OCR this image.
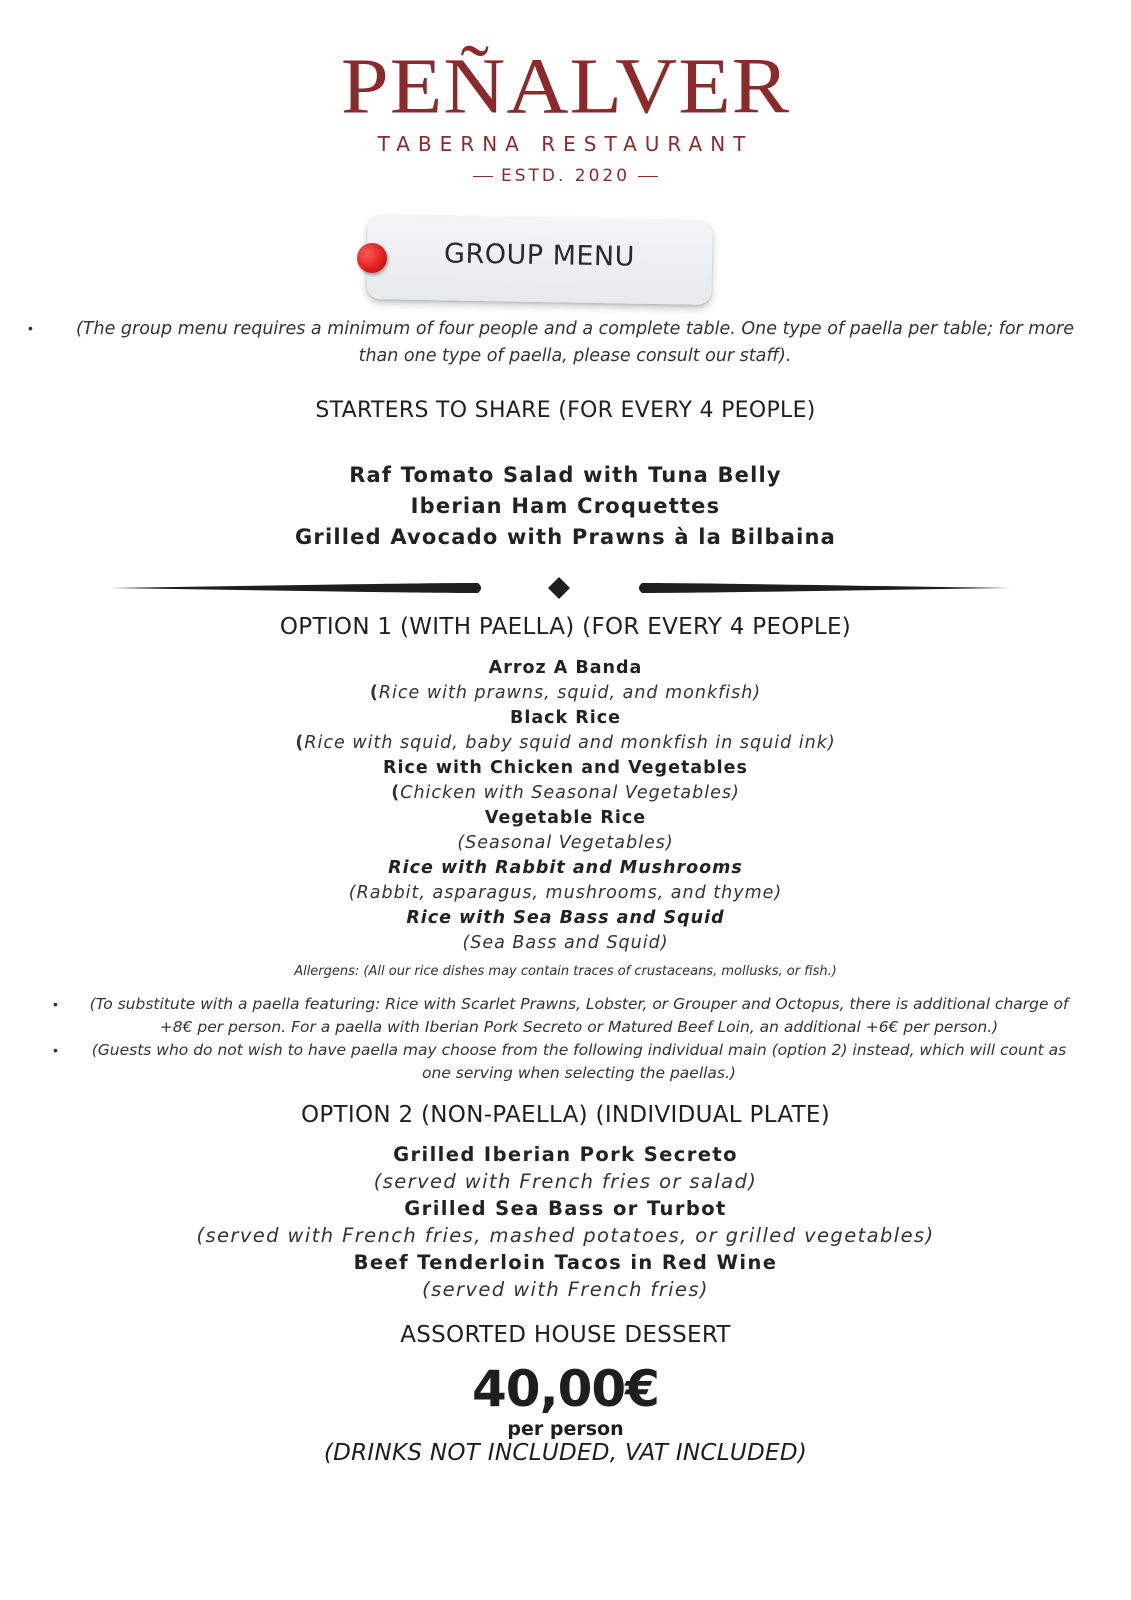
PEÑALVER
TABERNA RESTAURANT
ESTD. 2020
GROUP MENU
•	(The group menu requires a minimum of four people and a complete table. One type of paella per table; for more than one type of paella, please consult our staff).
STARTERS TO SHARE (FOR EVERY 4 PEOPLE)
Raf Tomato Salad with Tuna Belly
Iberian Ham Croquettes
Grilled Avocado with Prawns à la Bilbaina
OPTION 1 (WITH PAELLA) (FOR EVERY 4 PEOPLE)
Arroz A Banda
(Rice with prawns, squid, and monkfish)
Black Rice
(Rice with squid, baby squid and monkfish in squid ink)
Rice with Chicken and Vegetables
(Chicken with Seasonal Vegetables)
Vegetable Rice
(Seasonal Vegetables)
Rice with Rabbit and Mushrooms
(Rabbit, asparagus, mushrooms, and thyme)
Rice with Sea Bass and Squid
(Sea Bass and Squid)
Allergens: (All our rice dishes may contain traces of crustaceans, mollusks, or fish.)
•	(To substitute with a paella featuring: Rice with Scarlet Prawns, Lobster, or Grouper and Octopus, there is additional charge of +8€ per person. For a paella with Iberian Pork Secreto or Matured Beef Loin, an additional +6€ per person.)
•	(Guests who do not wish to have paella may choose from the following individual main (option 2) instead, which will count as one serving when selecting the paellas.)
OPTION 2 (NON-PAELLA) (INDIVIDUAL PLATE)
Grilled Iberian Pork Secreto
(served with French fries or salad)
Grilled Sea Bass or Turbot
(served with French fries, mashed potatoes, or grilled vegetables)
Beef Tenderloin Tacos in Red Wine
(served with French fries)
ASSORTED HOUSE DESSERT
40,00€
per person
(DRINKS NOT INCLUDED, VAT INCLUDED)
